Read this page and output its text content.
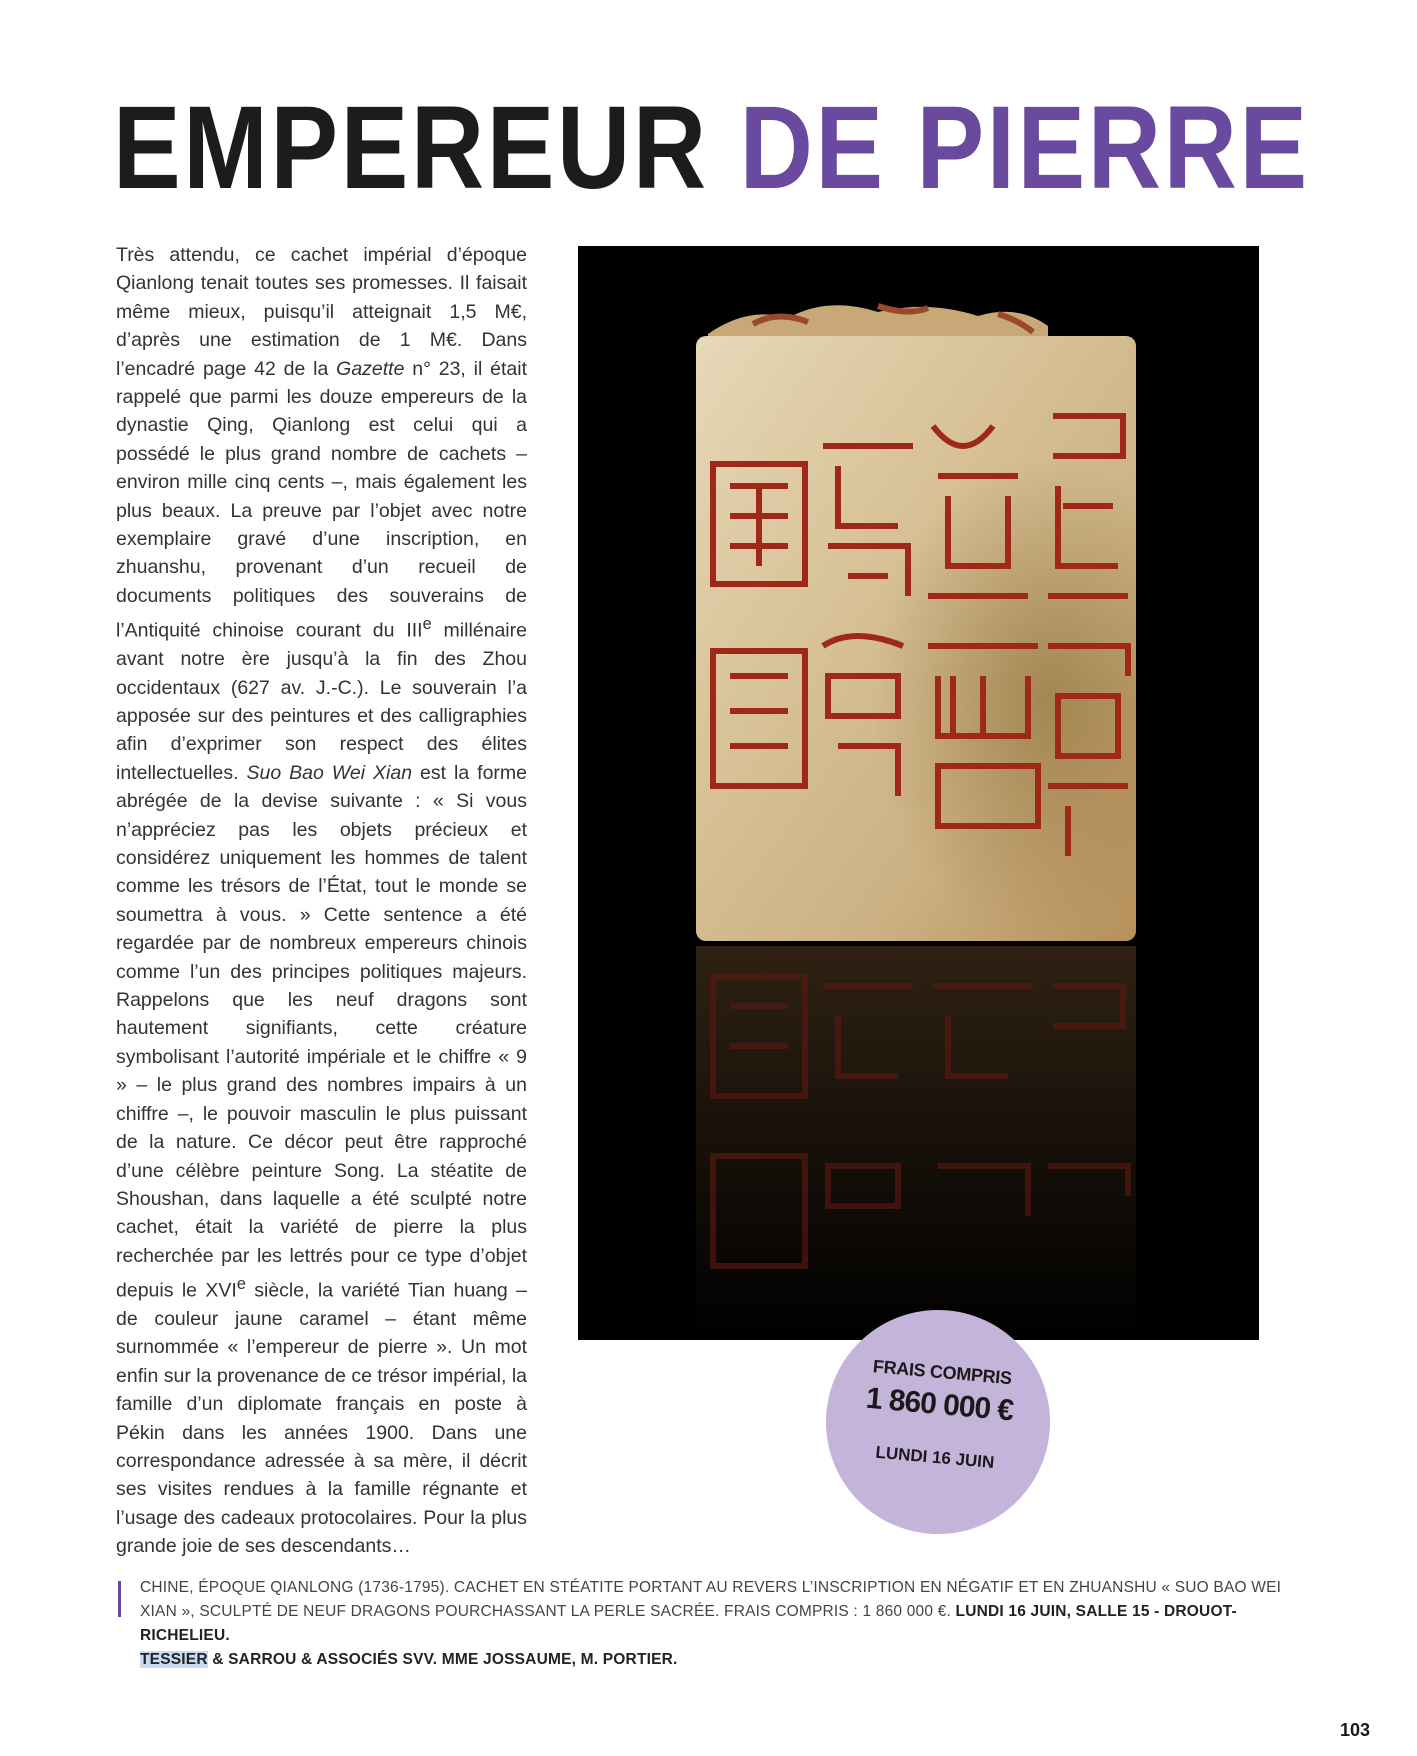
EMPEREUR DE PIERRE

Très attendu, ce cachet impérial d’époque Qianlong tenait toutes ses promesses. Il faisait même mieux, puisqu’il atteignait 1,5 M€, d’après une estimation de 1 M€. Dans l’encadré page 42 de la Gazette n° 23, il était rappelé que parmi les douze empereurs de la dynastie Qing, Qianlong est celui qui a possédé le plus grand nombre de cachets – environ mille cinq cents –, mais également les plus beaux. La preuve par l’objet avec notre exemplaire gravé d’une inscription, en zhuanshu, provenant d’un recueil de documents politiques des souverains de l’Antiquité chinoise courant du IIIe millénaire avant notre ère jusqu’à la fin des Zhou occidentaux (627 av. J.-C.). Le souverain l’a apposée sur des peintures et des calligraphies afin d’exprimer son respect des élites intellectuelles. Suo Bao Wei Xian est la forme abrégée de la devise suivante : « Si vous n’appréciez pas les objets précieux et considérez uniquement les hommes de talent comme les trésors de l’État, tout le monde se soumettra à vous. » Cette sentence a été regardée par de nombreux empereurs chinois comme l’un des principes politiques majeurs. Rappelons que les neuf dragons sont hautement signifiants, cette créature symbolisant l’autorité impériale et le chiffre « 9 » – le plus grand des nombres impairs à un chiffre –, le pouvoir masculin le plus puissant de la nature. Ce décor peut être rapproché d’une célèbre peinture Song. La stéatite de Shoushan, dans laquelle a été sculpté notre cachet, était la variété de pierre la plus recherchée par les lettrés pour ce type d’objet depuis le XVIe siècle, la variété Tian huang – de couleur jaune caramel – étant même surnommée « l’empereur de pierre ». Un mot enfin sur la provenance de ce trésor impérial, la famille d’un diplomate français en poste à Pékin dans les années 1900. Dans une correspondance adressée à sa mère, il décrit ses visites rendues à la famille régnante et l’usage des cadeaux protocolaires. Pour la plus grande joie de ses descendants…

FRAIS COMPRIS
1 860 000 €
LUNDI 16 JUIN
CHINE, ÉPOQUE QIANLONG (1736-1795). CACHET EN STÉATITE PORTANT AU REVERS L’INSCRIPTION EN NÉGATIF ET EN ZHUANSHU « SUO BAO WEI XIAN », SCULPTÉ DE NEUF DRAGONS POURCHASSANT LA PERLE SACRÉE. FRAIS COMPRIS : 1 860 000 €. LUNDI 16 JUIN, SALLE 15 - DROUOT-RICHELIEU.
TESSIER & SARROU & ASSOCIÉS SVV. MME JOSSAUME, M. PORTIER.
103
